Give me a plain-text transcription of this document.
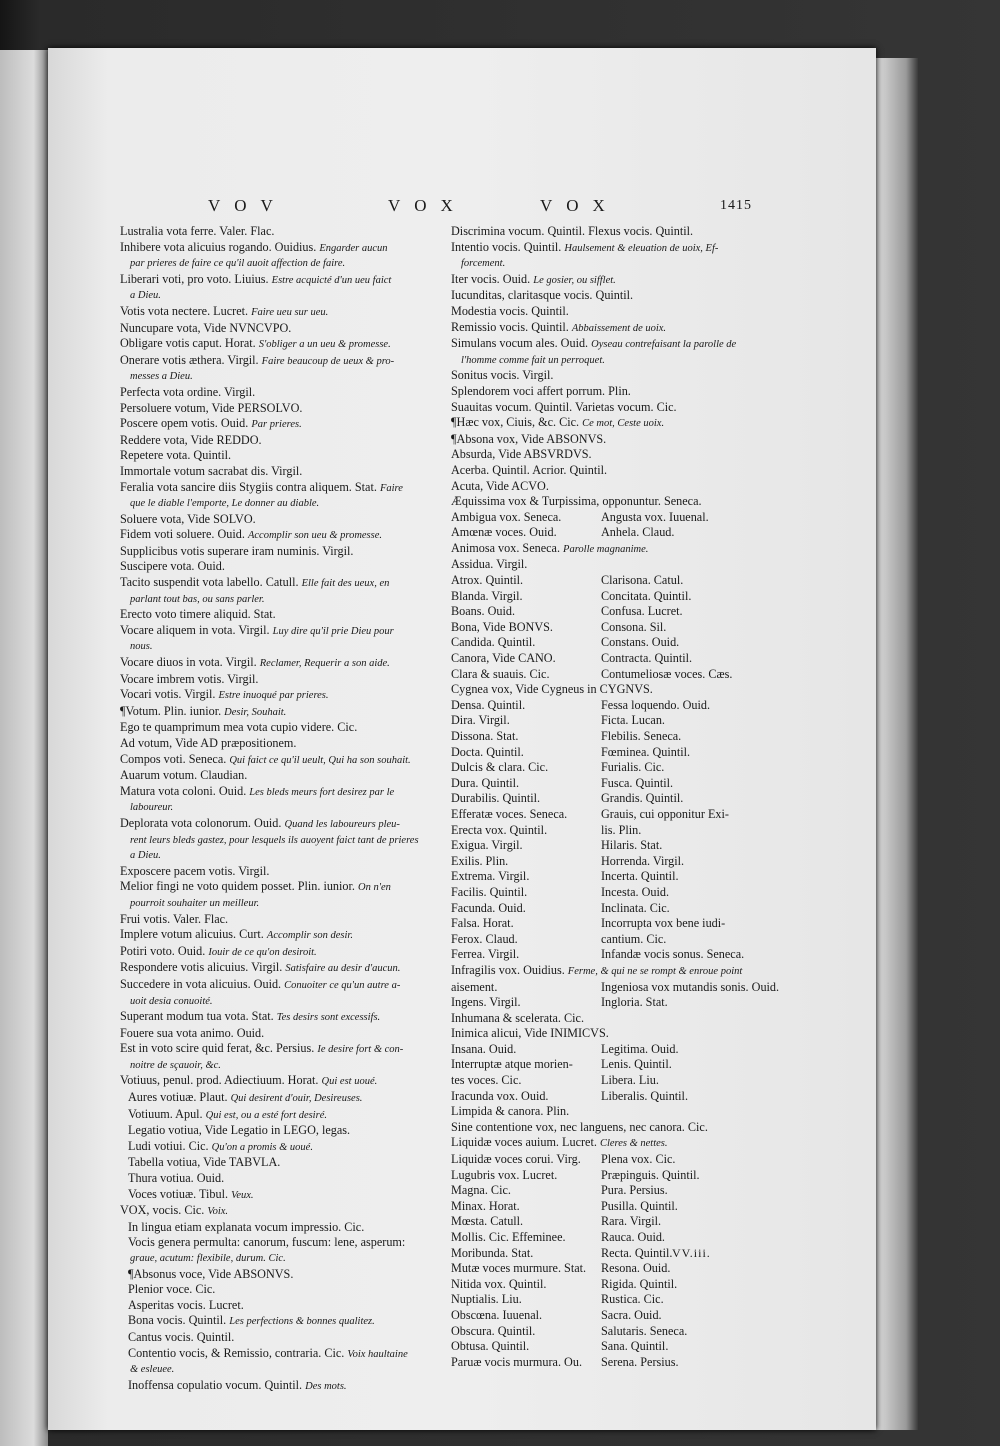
VOV	VOX	VOX	1415
Lustralia vota ferre. Valer. Flac.
Inhibere vota alicuius rogando. Ouidius. Engarder aucun
par prieres de faire ce qu'il auoit affection de faire.
Liberari voti, pro voto. Liuius. Estre acquicté d'un ueu faict
a Dieu.
Votis vota nectere. Lucret. Faire ueu sur ueu.
Nuncupare vota, Vide NVNCVPO.
Obligare votis caput. Horat. S'obliger a un ueu & promesse.
Onerare votis æthera. Virgil. Faire beaucoup de ueux & pro-
messes a Dieu.
Perfecta vota ordine. Virgil.
Persoluere votum, Vide PERSOLVO.
Poscere opem votis. Ouid. Par prieres.
Reddere vota, Vide REDDO.
Repetere vota. Quintil.
Immortale votum sacrabat dis. Virgil.
Feralia vota sancire diis Stygiis contra aliquem. Stat. Faire
que le diable l'emporte, Le donner au diable.
Soluere vota, Vide SOLVO.
Fidem voti soluere. Ouid. Accomplir son ueu & promesse.
Supplicibus votis superare iram numinis. Virgil.
Suscipere vota. Ouid.
Tacito suspendit vota labello. Catull. Elle fait des ueux, en
parlant tout bas, ou sans parler.
Erecto voto timere aliquid. Stat.
Vocare aliquem in vota. Virgil. Luy dire qu'il prie Dieu pour
nous.
Vocare diuos in vota. Virgil. Reclamer, Requerir a son aide.
Vocare imbrem votis. Virgil.
Vocari votis. Virgil. Estre inuoqué par prieres.
¶Votum. Plin. iunior. Desir, Souhait.
Ego te quamprimum mea vota cupio videre. Cic.
Ad votum, Vide AD præpositionem.
Compos voti. Seneca. Qui faict ce qu'il ueult, Qui ha son souhait.
Auarum votum. Claudian.
Matura vota coloni. Ouid. Les bleds meurs fort desirez par le
laboureur.
Deplorata vota colonorum. Ouid. Quand les laboureurs pleu-
rent leurs bleds gastez, pour lesquels ils auoyent faict tant de prieres
a Dieu.
Exposcere pacem votis. Virgil.
Melior fingi ne voto quidem posset. Plin. iunior. On n'en
pourroit souhaiter un meilleur.
Frui votis. Valer. Flac.
Implere votum alicuius. Curt. Accomplir son desir.
Potiri voto. Ouid. Iouir de ce qu'on desiroit.
Respondere votis alicuius. Virgil. Satisfaire au desir d'aucun.
Succedere in vota alicuius. Ouid. Conuoiter ce qu'un autre a-
uoit desia conuoité.
Superant modum tua vota. Stat. Tes desirs sont excessifs.
Fouere sua vota animo. Ouid.
Est in voto scire quid ferat, &c. Persius. Ie desire fort & con-
noitre de sçauoir, &c.
Votiuus, penul. prod. Adiectiuum. Horat. Qui est uoué.
Aures votiuæ. Plaut. Qui desirent d'ouir, Desireuses.
Votiuum. Apul. Qui est, ou a esté fort desiré.
Legatio votiua, Vide Legatio in LEGO, legas.
Ludi votiui. Cic. Qu'on a promis & uoué.
Tabella votiua, Vide TABVLA.
Thura votiua. Ouid.
Voces votiuæ. Tibul. Veux.
VOX, vocis. Cic. Voix.
In lingua etiam explanata vocum impressio. Cic.
Vocis genera permulta: canorum, fuscum: lene, asperum:
graue, acutum: flexibile, durum. Cic.
¶Absonus voce, Vide ABSONVS.
Plenior voce. Cic.
Asperitas vocis. Lucret.
Bona vocis. Quintil. Les perfections & bonnes qualitez.
Cantus vocis. Quintil.
Contentio vocis, & Remissio, contraria. Cic. Voix haultaine
& esleuee.
Inoffensa copulatio vocum. Quintil. Des mots.
Discrimina vocum. Quintil. Flexus vocis. Quintil.
Intentio vocis. Quintil. Haulsement & eleuation de uoix, Ef-
forcement.
Iter vocis. Ouid. Le gosier, ou sifflet.
Iucunditas, claritasque vocis. Quintil.
Modestia vocis. Quintil.
Remissio vocis. Quintil. Abbaissement de uoix.
Simulans vocum ales. Ouid. Oyseau contrefaisant la parolle de
l'homme comme fait un perroquet.
Sonitus vocis. Virgil.
Splendorem voci affert porrum. Plin.
Suauitas vocum. Quintil. Varietas vocum. Cic.
¶Hæc vox, Ciuis, &c. Cic. Ce mot, Ceste uoix.
¶Absona vox, Vide ABSONVS.
Absurda, Vide ABSVRDVS.
Acerba. Quintil. Acrior. Quintil.
Acuta, Vide ACVO.
Æquissima vox & Turpissima, opponuntur. Seneca.
Ambigua vox. Seneca.	Angusta vox. Iuuenal.
Amœnæ voces. Ouid.	Anhela. Claud.
Animosa vox. Seneca. Parolle magnanime.
Assidua. Virgil.
Atrox. Quintil.	Clarisona. Catul.
Blanda. Virgil.	Concitata. Quintil.
Boans. Ouid.	Confusa. Lucret.
Bona, Vide BONVS.	Consona. Sil.
Candida. Quintil.	Constans. Ouid.
Canora, Vide CANO.	Contracta. Quintil.
Clara & suauis. Cic.	Contumeliosæ voces. Cæs.
Cygnea vox, Vide Cygneus in CYGNVS.
Densa. Quintil.	Fessa loquendo. Ouid.
Dira. Virgil.	Ficta. Lucan.
Dissona. Stat.	Flebilis. Seneca.
Docta. Quintil.	Fœminea. Quintil.
Dulcis & clara. Cic.	Furialis. Cic.
Dura. Quintil.	Fusca. Quintil.
Durabilis. Quintil.	Grandis. Quintil.
Efferatæ voces. Seneca.	Grauis, cui opponitur Exi-
Erecta vox. Quintil.	lis. Plin.
Exigua. Virgil.	Hilaris. Stat.
Exilis. Plin.	Horrenda. Virgil.
Extrema. Virgil.	Incerta. Quintil.
Facilis. Quintil.	Incesta. Ouid.
Facunda. Ouid.	Inclinata. Cic.
Falsa. Horat.	Incorrupta vox bene iudi-
Ferox. Claud.	cantium. Cic.
Ferrea. Virgil.	Infandæ vocis sonus. Seneca.
Infragilis vox. Ouidius. Ferme, & qui ne se rompt & enroue point
aisement.	Ingeniosa vox mutandis sonis. Ouid.
Ingens. Virgil.	Ingloria. Stat.
Inhumana & scelerata. Cic.
Inimica alicui, Vide INIMICVS.
Insana. Ouid.	Legitima. Ouid.
Interruptæ atque morien-	Lenis. Quintil.
tes voces. Cic.	Libera. Liu.
Iracunda vox. Ouid.	Liberalis. Quintil.
Limpida & canora. Plin.
Sine contentione vox, nec languens, nec canora. Cic.
Liquidæ voces auium. Lucret. Cleres & nettes.
Liquidæ voces corui. Virg.	Plena vox. Cic.
Lugubris vox. Lucret.	Præpinguis. Quintil.
Magna. Cic.	Pura. Persius.
Minax. Horat.	Pusilla. Quintil.
Mœsta. Catull.	Rara. Virgil.
Mollis. Cic. Effeminee.	Rauca. Ouid.
Moribunda. Stat.	Recta. Quintil.
Mutæ voces murmure. Stat.	Resona. Ouid.
Nitida vox. Quintil.	Rigida. Quintil.
Nuptialis. Liu.	Rustica. Cic.
Obscœna. Iuuenal.	Sacra. Ouid.
Obscura. Quintil.	Salutaris. Seneca.
Obtusa. Quintil.	Sana. Quintil.
Paruæ vocis murmura. Ou.	Serena. Persius.
VV.iii.
